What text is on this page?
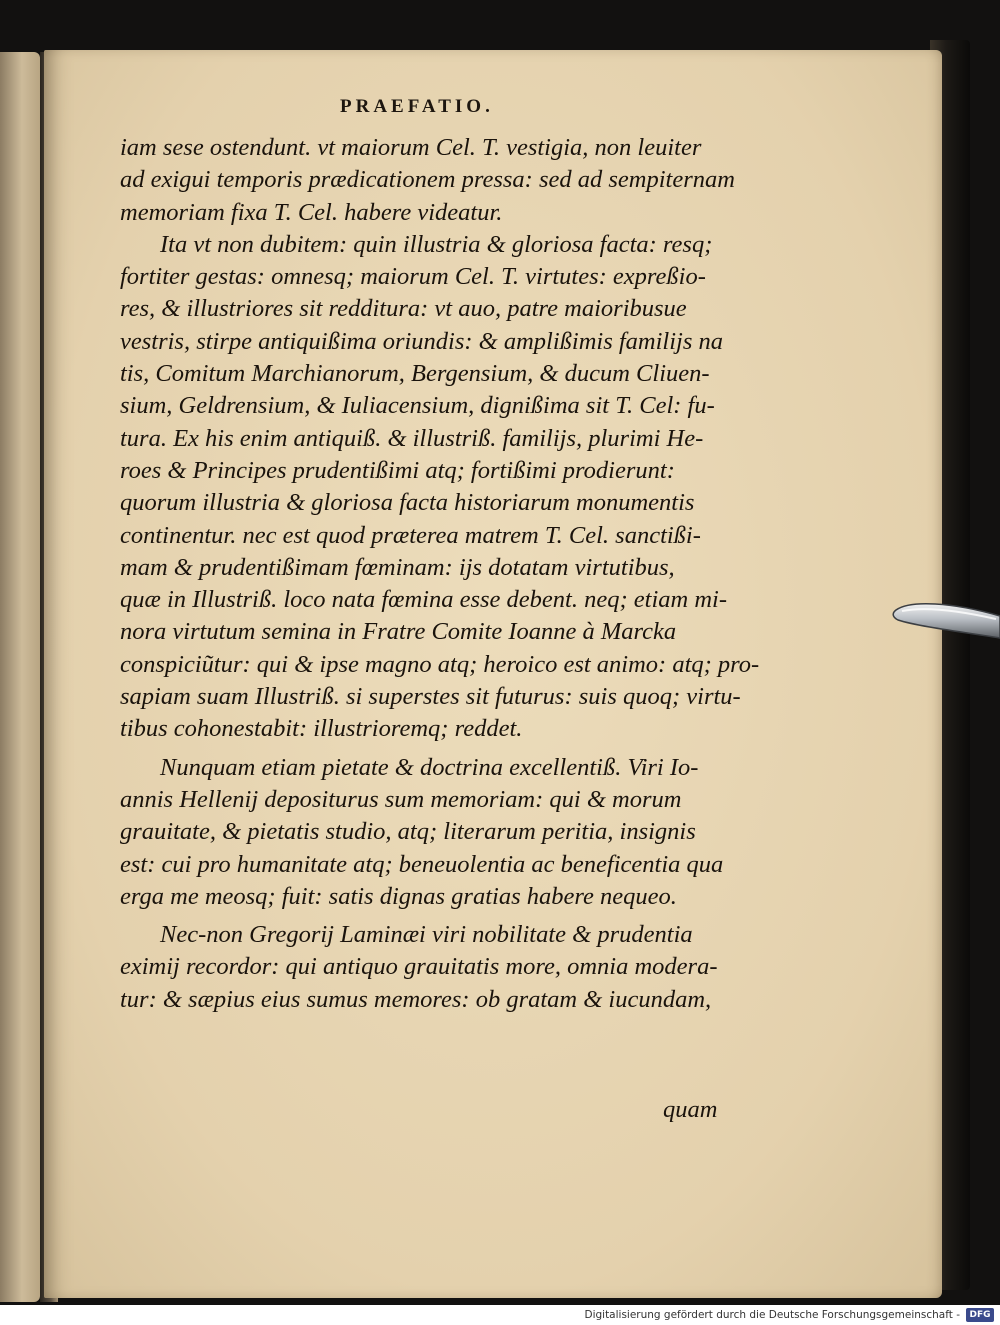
PRAEFATIO.
iam sese ostendunt. vt maiorum Cel. T. vestigia, non leuiter
ad exigui temporis prædicationem pressa: sed ad sempiternam
memoriam fixa T. Cel. habere videatur.
Ita vt non dubitem: quin illustria & gloriosa facta: resq;
fortiter gestas: omnesq; maiorum Cel. T. virtutes: expreßio-
res, & illustriores sit redditura: vt auo, patre maioribusue
vestris, stirpe antiquißima oriundis: & amplißimis familijs na
tis, Comitum Marchianorum, Bergensium, & ducum Cliuen-
sium, Geldrensium, & Iuliacensium, dignißima sit T. Cel: fu-
tura. Ex his enim antiquiß. & illustriß. familijs, plurimi He-
roes & Principes prudentißimi atq; fortißimi prodierunt:
quorum illustria & gloriosa facta historiarum monumentis
continentur. nec est quod præterea matrem T. Cel. sanctißi-
mam & prudentißimam fœminam: ijs dotatam virtutibus,
quæ in Illustriß. loco nata fœmina esse debent. neq; etiam mi-
nora virtutum semina in Fratre Comite Ioanne à Marcka
conspiciũtur: qui & ipse magno atq; heroico est animo: atq; pro-
sapiam suam Illustriß. si superstes sit futurus: suis quoq; virtu-
tibus cohonestabit: illustrioremq; reddet.
Nunquam etiam pietate & doctrina excellentiß. Viri Io-
annis Hellenij depositurus sum memoriam: qui & morum
grauitate, & pietatis studio, atq; literarum peritia, insignis
est: cui pro humanitate atq; beneuolentia ac beneficentia qua
erga me meosq; fuit: satis dignas gratias habere nequeo.
Nec-non Gregorij Laminæi viri nobilitate & prudentia
eximij recordor: qui antiquo grauitatis more, omnia modera-
tur: & sæpius eius sumus memores: ob gratam & iucundam,
quam
Digitalisierung gefördert durch die Deutsche Forschungsgemeinschaft -	DFG
